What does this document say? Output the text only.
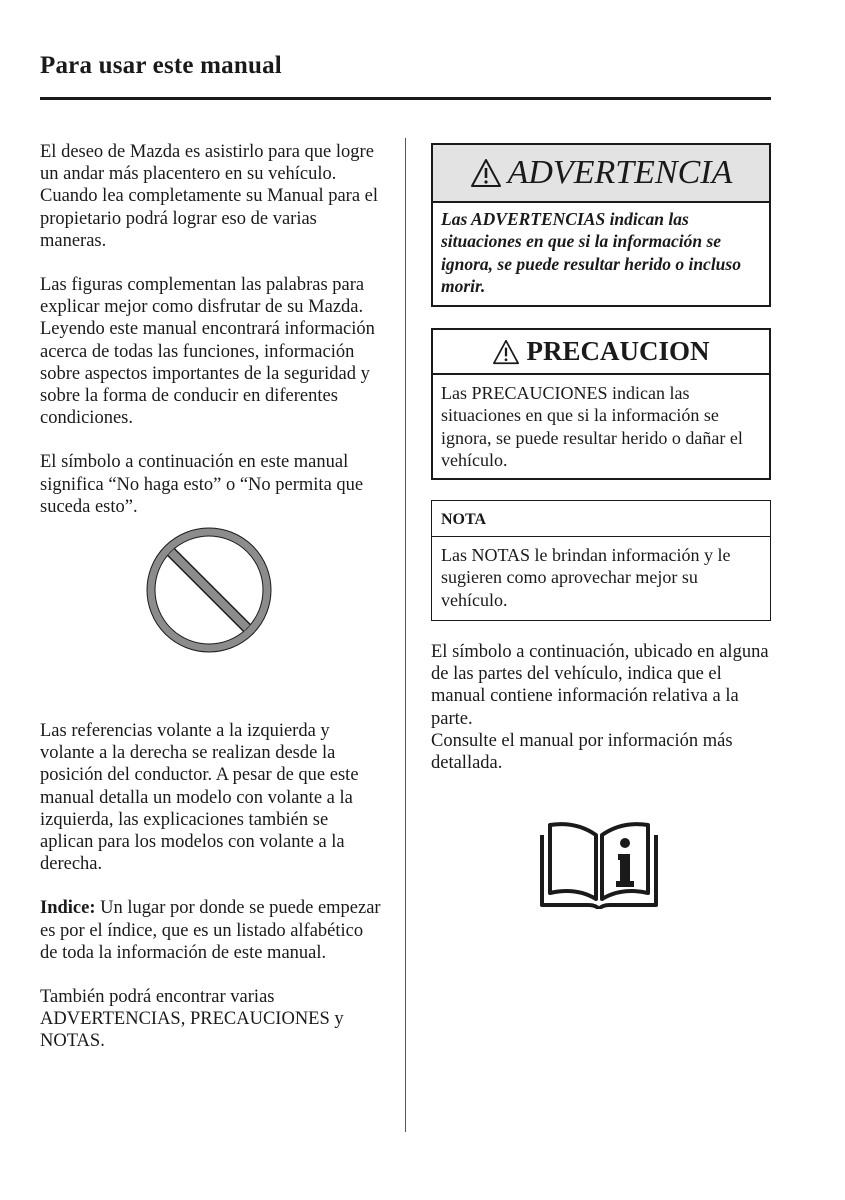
Para usar este manual

El deseo de Mazda es asistirlo para que logre un andar más placentero en su vehículo. Cuando lea completamente su Manual para el propietario podrá lograr eso de varias maneras.

Las figuras complementan las palabras para explicar mejor como disfrutar de su Mazda. Leyendo este manual encontrará información acerca de todas las funciones, información sobre aspectos importantes de la seguridad y sobre la forma de conducir en diferentes condiciones.

El símbolo a continuación en este manual significa “No haga esto” o “No permita que suceda esto”.

Las referencias volante a la izquierda y volante a la derecha se realizan desde la posición del conductor. A pesar de que este manual detalla un modelo con volante a la izquierda, las explicaciones también se aplican para los modelos con volante a la derecha.

Indice: Un lugar por donde se puede empezar es por el índice, que es un listado alfabético de toda la información de este manual.

También podrá encontrar varias ADVERTENCIAS, PRECAUCIONES y NOTAS.

ADVERTENCIA
Las ADVERTENCIAS indican las situaciones en que si la información se ignora, se puede resultar herido o incluso morir.
PRECAUCION
Las PRECAUCIONES indican las situaciones en que si la información se ignora, se puede resultar herido o dañar el vehículo.
NOTA
Las NOTAS le brindan información y le sugieren como aprovechar mejor su vehículo.

El símbolo a continuación, ubicado en alguna de las partes del vehículo, indica que el manual contiene información relativa a la parte.

Consulte el manual por información más detallada.
